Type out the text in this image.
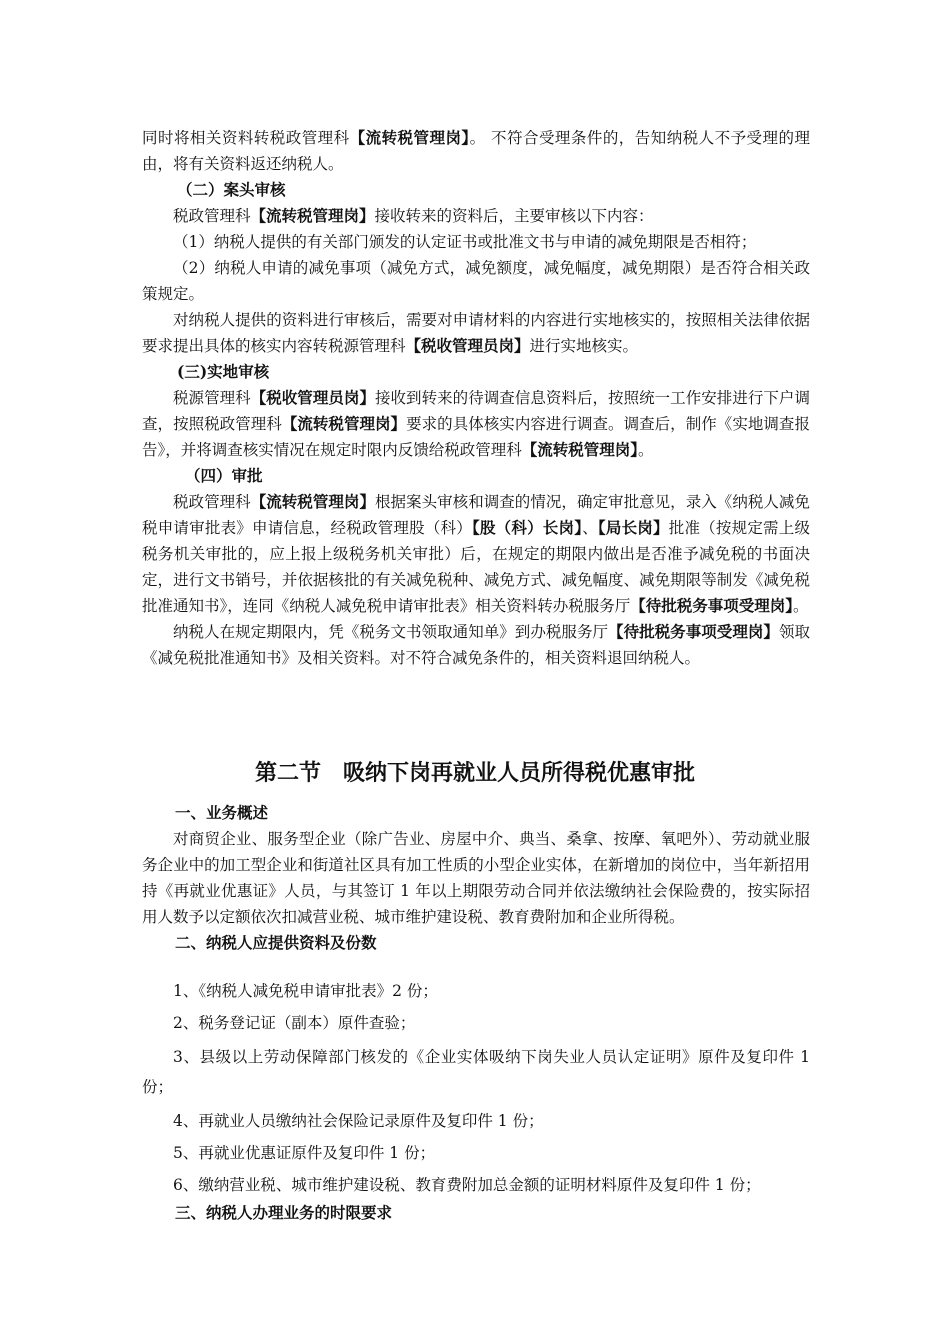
同时将相关资料转税政管理科【流转税管理岗】。 不符合受理条件的，告知纳税人不予受理的理由，将有关资料返还纳税人。
（二）案头审核
税政管理科【流转税管理岗】接收转来的资料后，主要审核以下内容：
（1）纳税人提供的有关部门颁发的认定证书或批准文书与申请的减免期限是否相符；
（2）纳税人申请的减免事项（减免方式，减免额度，减免幅度，减免期限）是否符合相关政策规定。
对纳税人提供的资料进行审核后，需要对申请材料的内容进行实地核实的，按照相关法律依据要求提出具体的核实内容转税源管理科【税收管理员岗】进行实地核实。
(三)实地审核
税源管理科【税收管理员岗】接收到转来的待调查信息资料后，按照统一工作安排进行下户调查，按照税政管理科【流转税管理岗】要求的具体核实内容进行调查。调查后，制作《实地调查报告》，并将调查核实情况在规定时限内反馈给税政管理科【流转税管理岗】。
（四）审批
税政管理科【流转税管理岗】根据案头审核和调查的情况，确定审批意见，录入《纳税人减免税申请审批表》申请信息，经税政管理股（科）【股（科）长岗】、【局长岗】批准（按规定需上级税务机关审批的，应上报上级税务机关审批）后，在规定的期限内做出是否准予减免税的书面决定，进行文书销号，并依据核批的有关减免税种、减免方式、减免幅度、减免期限等制发《减免税批准通知书》，连同《纳税人减免税申请审批表》相关资料转办税服务厅【待批税务事项受理岗】。
纳税人在规定期限内，凭《税务文书领取通知单》到办税服务厅【待批税务事项受理岗】领取《减免税批准通知书》及相关资料。对不符合减免条件的，相关资料退回纳税人。
第二节　吸纳下岗再就业人员所得税优惠审批
一、业务概述
对商贸企业、服务型企业（除广告业、房屋中介、典当、桑拿、按摩、氧吧外）、劳动就业服务企业中的加工型企业和街道社区具有加工性质的小型企业实体，在新增加的岗位中，当年新招用持《再就业优惠证》人员，与其签订 1 年以上期限劳动合同并依法缴纳社会保险费的，按实际招用人数予以定额依次扣减营业税、城市维护建设税、教育费附加和企业所得税。
二、纳税人应提供资料及份数
1、《纳税人减免税申请审批表》2 份；
2、税务登记证（副本）原件查验；
3、县级以上劳动保障部门核发的《企业实体吸纳下岗失业人员认定证明》原件及复印件 1 份；
4、再就业人员缴纳社会保险记录原件及复印件 1 份；
5、再就业优惠证原件及复印件 1 份；
6、缴纳营业税、城市维护建设税、教育费附加总金额的证明材料原件及复印件 1 份；
三、纳税人办理业务的时限要求
